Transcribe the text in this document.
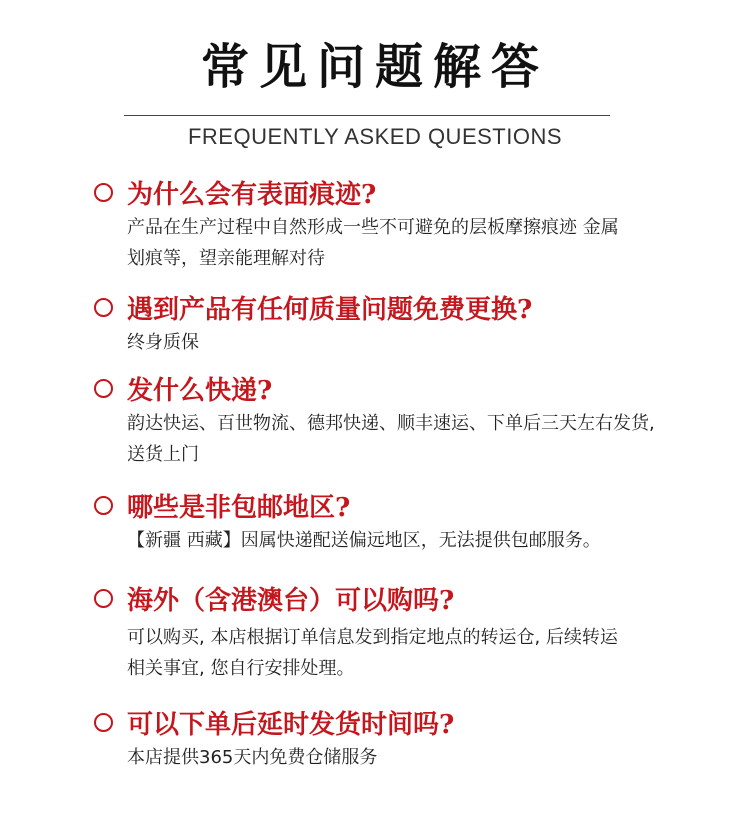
常见问题解答
FREQUENTLY ASKED QUESTIONS
为什么会有表面痕迹?
产品在生产过程中自然形成一些不可避免的层板摩擦痕迹 金属
划痕等，望亲能理解对待
遇到产品有任何质量问题免费更换?
终身质保
发什么快递?
韵达快运、百世物流、德邦快递、顺丰速运、下单后三天左右发货,
送货上门
哪些是非包邮地区?
【新疆 西藏】因属快递配送偏远地区，无法提供包邮服务。
海外（含港澳台）可以购吗?
可以购买, 本店根据订单信息发到指定地点的转运仓, 后续转运
相关事宜, 您自行安排处理。
可以下单后延时发货时间吗?
本店提供365天内免费仓储服务
